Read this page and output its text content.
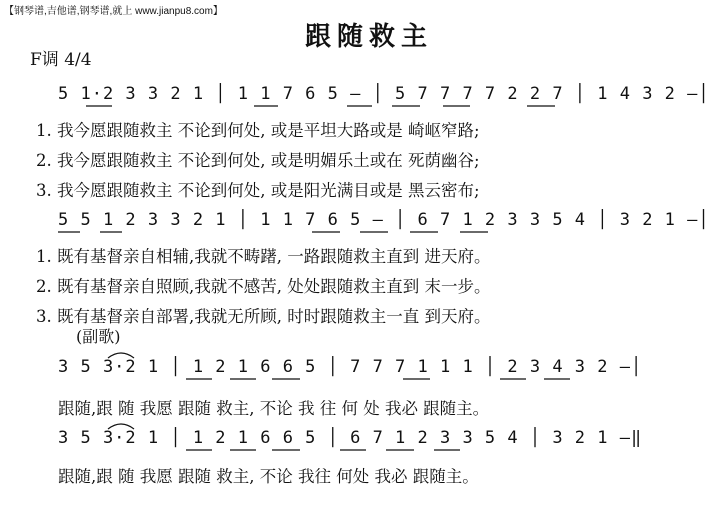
【钢琴谱,吉他谱,钢琴谱,就上 www.jianpu8.com】
跟随救主
F调 4/4
5 1·2 3 3 2 1 │ 1 1 7 6 5 – │ 5 7 7 7 7 2 2 7 │ 1 4 3 2 –│
1. 我今愿跟随救主 不论到何处, 或是平坦大路或是 崎岖窄路;
2. 我今愿跟随救主 不论到何处, 或是明媚乐土或在 死荫幽谷;
3. 我今愿跟随救主 不论到何处, 或是阳光满目或是 黑云密布;
5 5 1 2 3 3 2 1 │ 1 1 7 6 5 – │ 6 7 1 2 3 3 5 4 │ 3 2 1 –│
1. 既有基督亲自相辅,我就不畴躇, 一路跟随救主直到 进天府。
2. 既有基督亲自照顾,我就不感苦, 处处跟随救主直到 末一步。
3. 既有基督亲自部署,我就无所顾, 时时跟随救主一直 到天府。
(副歌)
3 5 3·2 1 │ 1 2 1 6 6 5 │ 7 7 7 1 1 1 │ 2 3 4 3 2 –│
跟随,跟 随 我愿 跟随 救主, 不论 我 往 何 处 我必 跟随主。
3 5 3·2 1 │ 1 2 1 6 6 5 │ 6 7 1 2 3 3 5 4 │ 3 2 1 –‖
跟随,跟 随 我愿 跟随 救主, 不论 我往 何处 我必 跟随主。
